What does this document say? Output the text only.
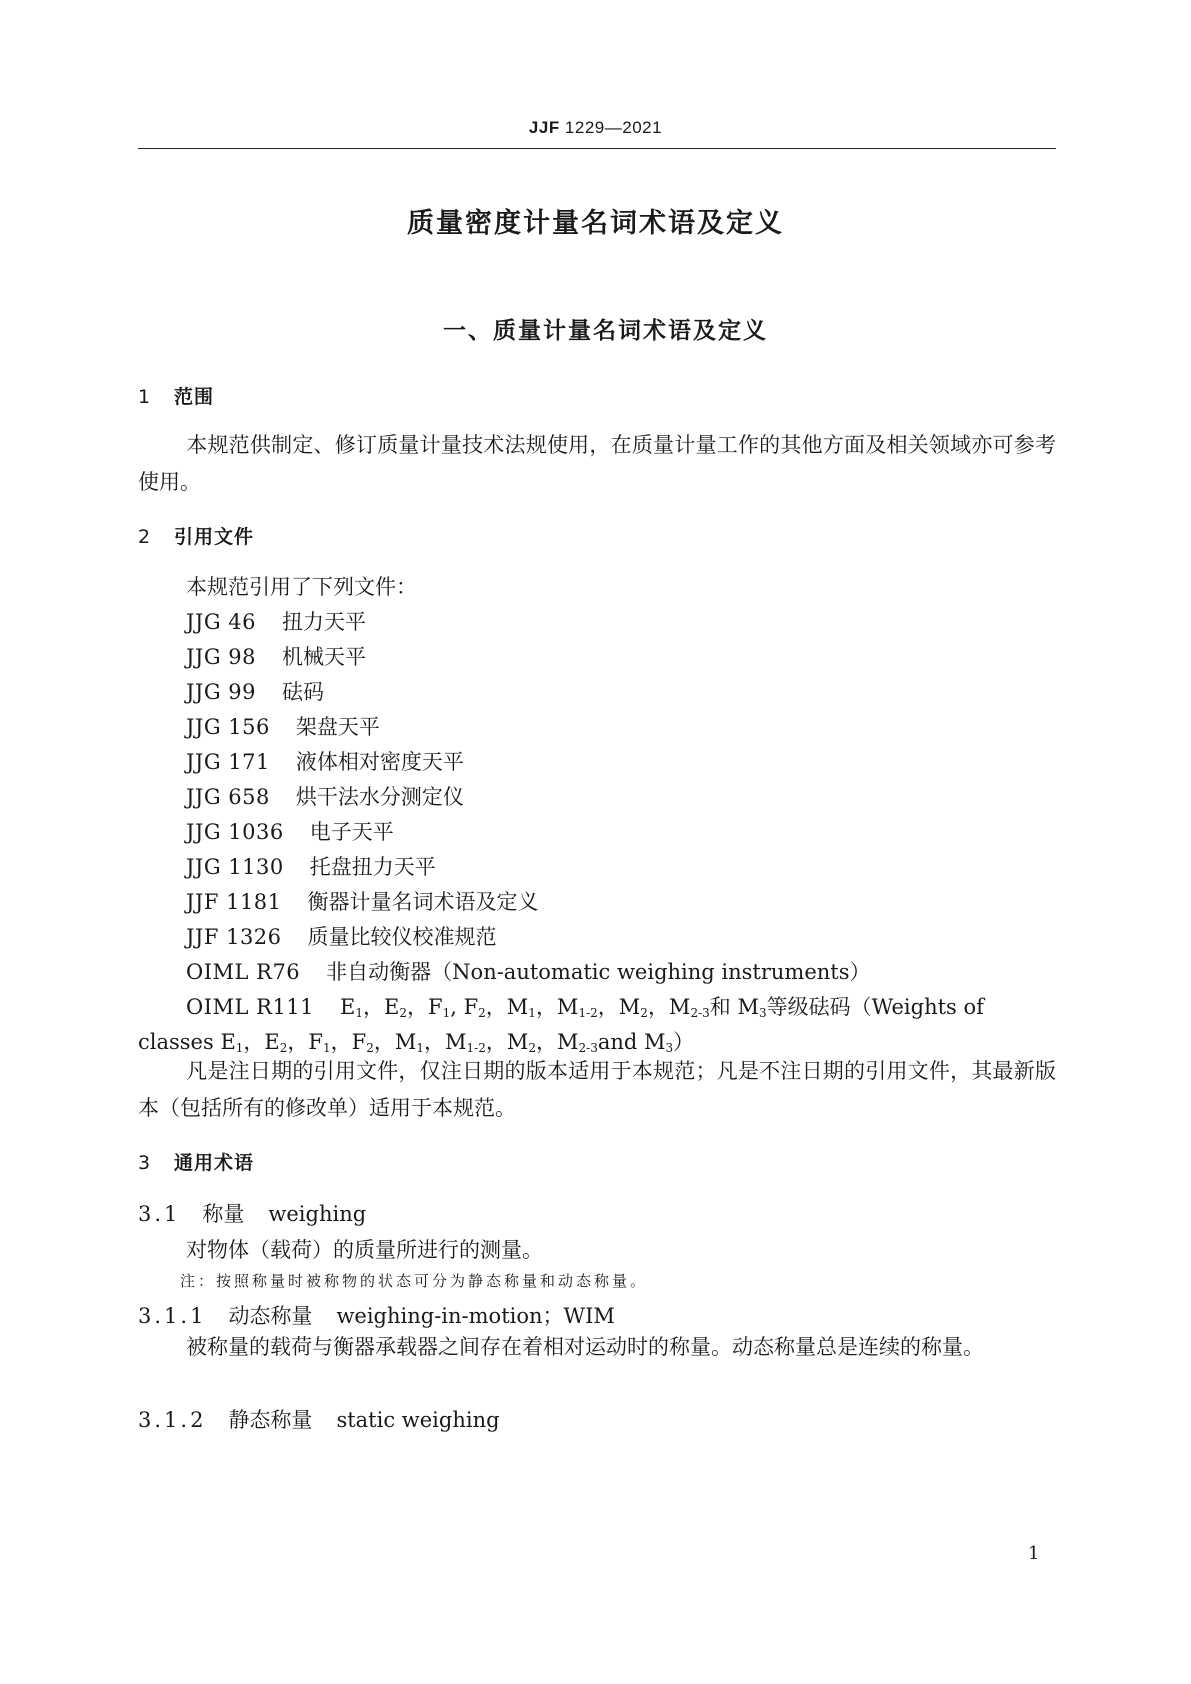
JJF 1229—2021
质量密度计量名词术语及定义
一、质量计量名词术语及定义
1 范围
本规范供制定、修订质量计量技术法规使用，在质量计量工作的其他方面及相关领域亦可参考使用。
2 引用文件
本规范引用了下列文件：
JJG 46 扭力天平
JJG 98 机械天平
JJG 99 砝码
JJG 156 架盘天平
JJG 171 液体相对密度天平
JJG 658 烘干法水分测定仪
JJG 1036 电子天平
JJG 1130 托盘扭力天平
JJF 1181 衡器计量名词术语及定义
JJF 1326 质量比较仪校准规范
OIML R76 非自动衡器（Non-automatic weighing instruments）
OIML R111 $E_1$，$E_2$，$F_1$, $F_2$，$M_1$，$M_{1-2}$，$M_2$，$M_{2-3}$和 $M_3$等级砝码（Weights of
classes $E_1$，$E_2$，$F_1$，$F_2$，$M_1$，$M_{1-2}$，$M_2$，$M_{2-3}and$ $M_3$）
凡是注日期的引用文件，仅注日期的版本适用于本规范；凡是不注日期的引用文件，其最新版本（包括所有的修改单）适用于本规范。
3 通用术语
3.1 称量 weighing
对物体（载荷）的质量所进行的测量。
注：按照称量时被称物的状态可分为静态称量和动态称量。
3.1.1 动态称量 weighing-in-motion；WIM
被称量的载荷与衡器承载器之间存在着相对运动时的称量。动态称量总是连续的称量。
3.1.2 静态称量 static weighing
1
